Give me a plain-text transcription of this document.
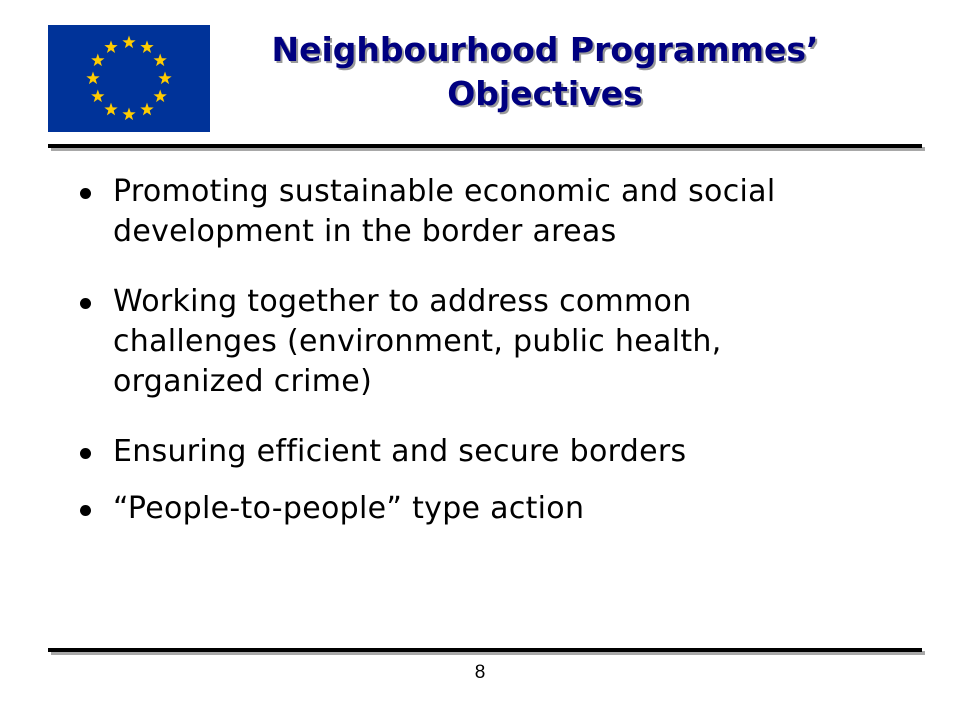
Neighbourhood Programmes’
Objectives
Promoting sustainable economic and social
development in the border areas
Working together to address common
challenges (environment, public health,
organized crime)
Ensuring efficient and secure borders
“People-to-people” type action
8
